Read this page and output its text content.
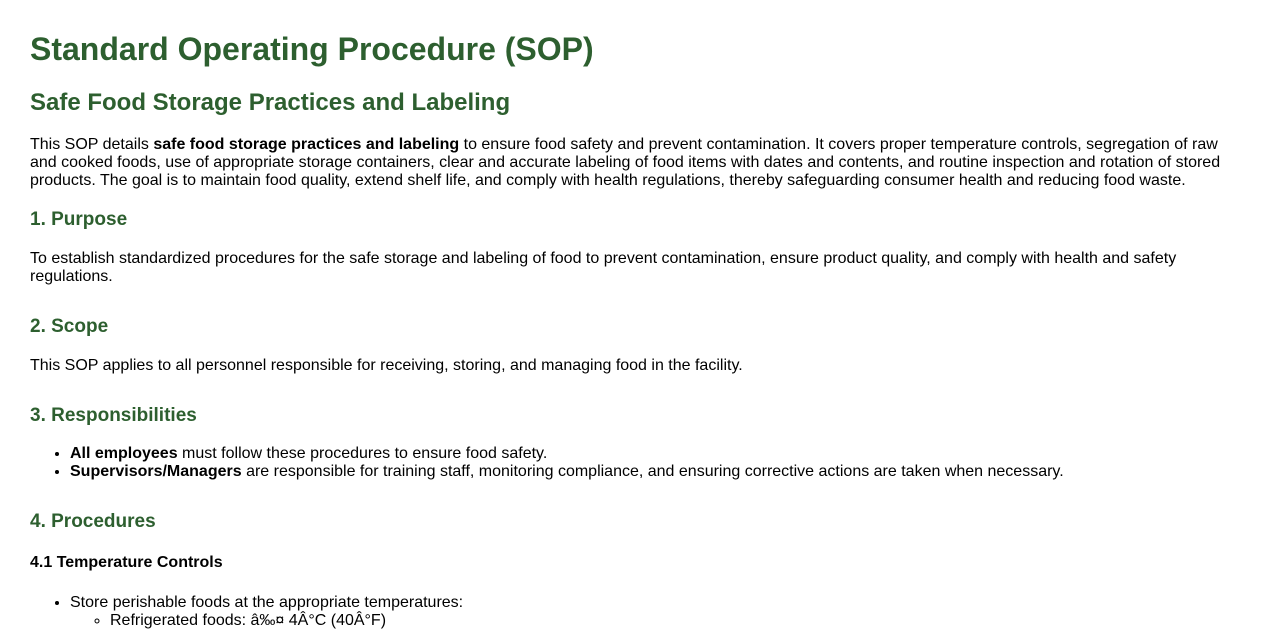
Standard Operating Procedure (SOP)
Safe Food Storage Practices and Labeling

This SOP details safe food storage practices and labeling to ensure food safety and prevent contamination. It covers proper temperature controls, segregation of raw and cooked foods, use of appropriate storage containers, clear and accurate labeling of food items with dates and contents, and routine inspection and rotation of stored products. The goal is to maintain food quality, extend shelf life, and comply with health regulations, thereby safeguarding consumer health and reducing food waste.

1. Purpose

To establish standardized procedures for the safe storage and labeling of food to prevent contamination, ensure product quality, and comply with health and safety regulations.

2. Scope

This SOP applies to all personnel responsible for receiving, storing, and managing food in the facility.

3. Responsibilities
• All employees must follow these procedures to ensure food safety.
• Supervisors/Managers are responsible for training staff, monitoring compliance, and ensuring corrective actions are taken when necessary.
4. Procedures
4.1 Temperature Controls
• Store perishable foods at the appropriate temperatures:
◦ Refrigerated foods: â‰¤ 4Â°C (40Â°F)
